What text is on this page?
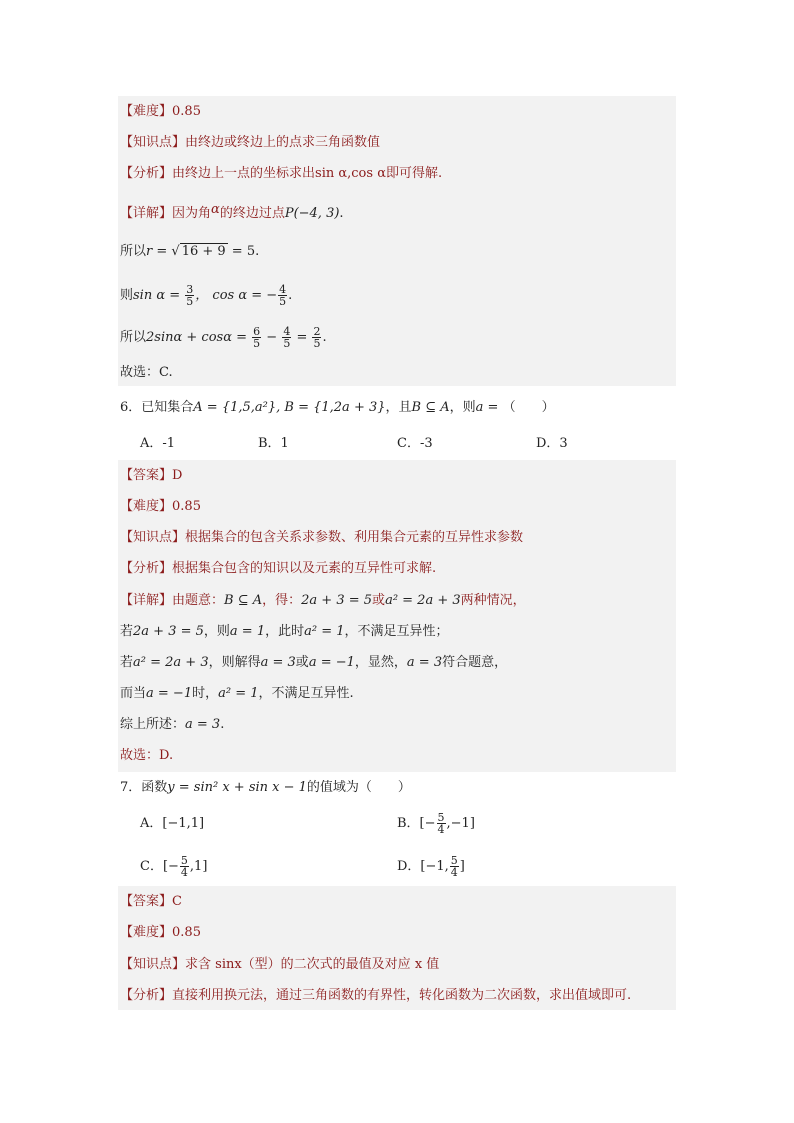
【难度】0.85
【知识点】由终边或终边上的点求三角函数值
【分析】由终边上一点的坐标求出sin α,cos α即可得解.
【详解】因为角α的终边过点P(−4, 3).
所以r = √ 16 + 9 = 5.
则$\sin \alpha = \frac{3}{5}$ ， cos α = − $\frac{4}{5}$ .
所以$2\sin\alpha + \cos\alpha = \frac{6}{5} - \frac{4}{5} = \frac{2}{5}$ .
故选：C.
6．已知集合A = {1,5,a²}, B = {1,2a + 3}，且B ⊆ A，则a = （　　）
A．-1	B．1	C．-3	D．3
【答案】D
【难度】0.85
【知识点】根据集合的包含关系求参数、利用集合元素的互异性求参数
【分析】根据集合包含的知识以及元素的互异性可求解.
【详解】由题意：B ⊆ A，得：2a + 3 = 5或a² = 2a + 3两种情况，
若2a + 3 = 5，则a = 1，此时a² = 1，不满足互异性；
若a² = 2a + 3，则解得a = 3或a = −1，显然，a = 3符合题意，
而当a = −1时，a² = 1，不满足互异性.
综上所述：a = 3.
故选：D.
7．函数y = sin² x + sin x − 1的值域为（　　）
A．[−1,1]	B．[− $\frac{5}{4} ,-1$]
C．[− $\frac{5}{4} ,1$]	D．[−1, $\frac{5}{4}$ ]
【答案】C
【难度】0.85
【知识点】求含 sinx（型）的二次式的最值及对应 x 值
【分析】直接利用换元法，通过三角函数的有界性，转化函数为二次函数，求出值域即可.
